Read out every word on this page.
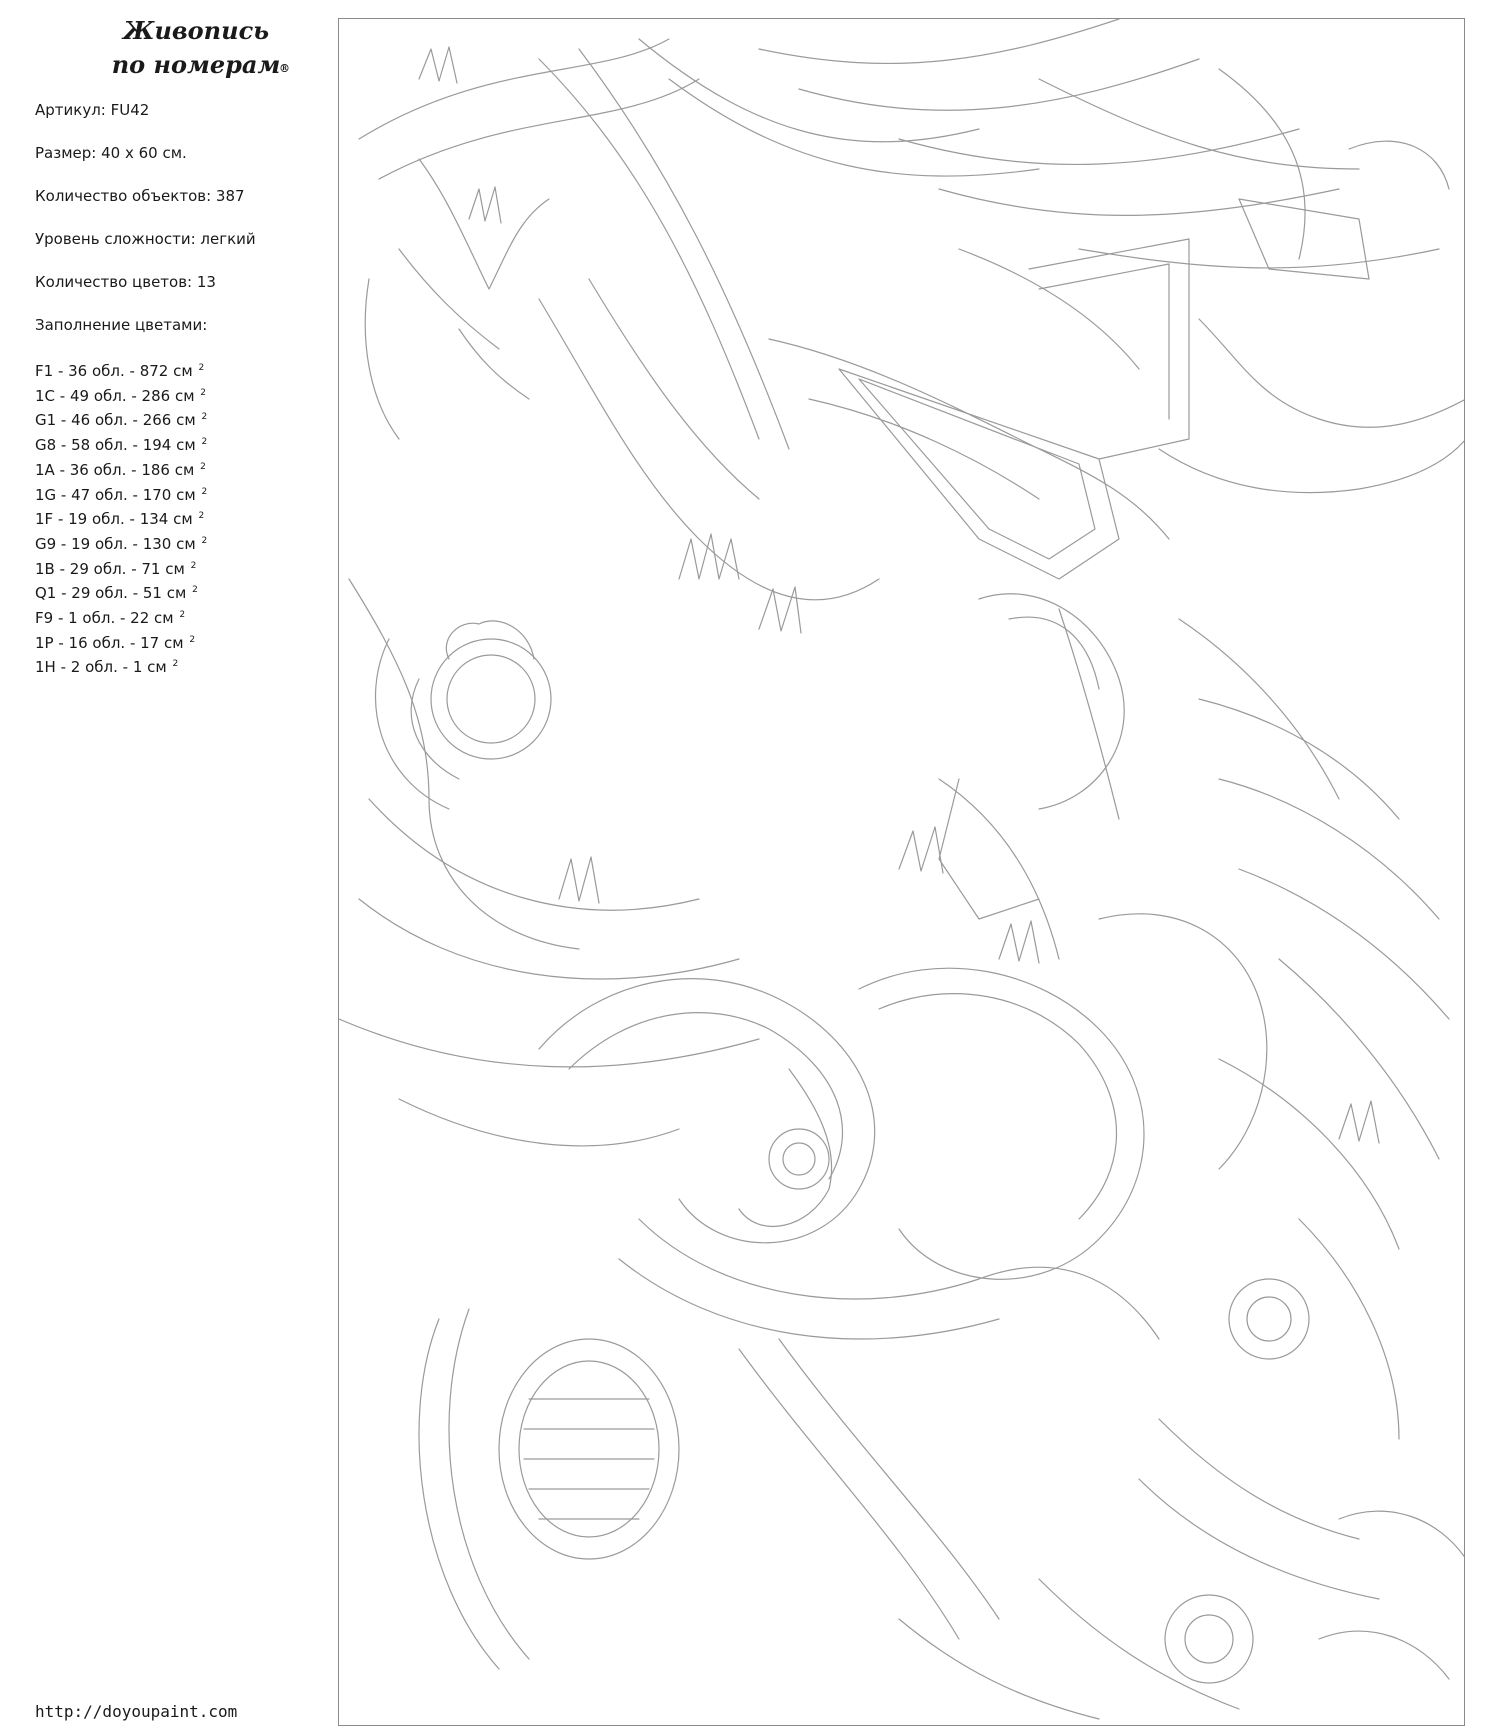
Живопись
по номерам
®
Артикул: FU42
Размер: 40 х 60 см.
Количество объектов: 387
Уровень сложности: легкий
Количество цветов: 13
Заполнение цветами:
F1 - 36 обл. - 872 см $^2$
1C - 49 обл. - 286 см $^2$
G1 - 46 обл. - 266 см $^2$
G8 - 58 обл. - 194 см $^2$
1A - 36 обл. - 186 см $^2$
1G - 47 обл. - 170 см $^2$
1F - 19 обл. - 134 см $^2$
G9 - 19 обл. - 130 см $^2$
1B - 29 обл. - 71 см $^2$
Q1 - 29 обл. - 51 см $^2$
F9 - 1 обл. - 22 см $^2$
1P - 16 обл. - 17 см $^2$
1H - 2 обл. - 1 см $^2$
http://doyoupaint.com
